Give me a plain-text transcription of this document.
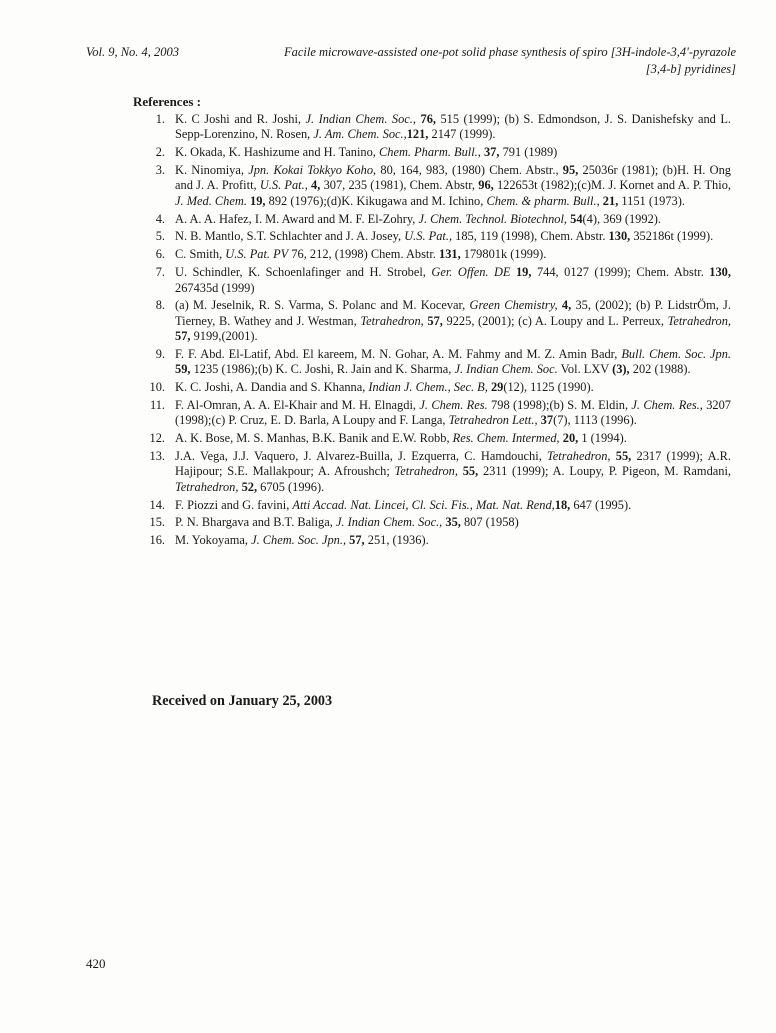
Vol. 9, No. 4, 2003	Facile microwave-assisted one-pot solid phase synthesis of spiro [3H-indole-3,4'-pyrazole
[3,4-b] pyridines]
References :
1. K. C Joshi and R. Joshi, J. Indian Chem. Soc., 76, 515 (1999); (b) S. Edmondson, J. S. Danishefsky and L. Sepp-Lorenzino, N. Rosen, J. Am. Chem. Soc.,121, 2147 (1999).
2. K. Okada, K. Hashizume and H. Tanino, Chem. Pharm. Bull., 37, 791 (1989)
3. K. Ninomiya, Jpn. Kokai Tokkyo Koho, 80, 164, 983, (1980) Chem. Abstr., 95, 25036r (1981); (b)H. H. Ong and J. A. Profitt, U.S. Pat., 4, 307, 235 (1981), Chem. Abstr, 96, 122653t (1982);(c)M. J. Kornet and A. P. Thio, J. Med. Chem. 19, 892 (1976);(d)K. Kikugawa and M. Ichino, Chem. & pharm. Bull., 21, 1151 (1973).
4. A. A. A. Hafez, I. M. Award and M. F. El-Zohry, J. Chem. Technol. Biotechnol, 54(4), 369 (1992).
5. N. B. Mantlo, S.T. Schlachter and J. A. Josey, U.S. Pat., 185, 119 (1998), Chem. Abstr. 130, 352186t (1999).
6. C. Smith, U.S. Pat. PV 76, 212, (1998) Chem. Abstr. 131, 179801k (1999).
7. U. Schindler, K. Schoenlafinger and H. Strobel, Ger. Offen. DE 19, 744, 0127 (1999); Chem. Abstr. 130, 267435d (1999)
8. (a) M. Jeselnik, R. S. Varma, S. Polanc and M. Kocevar, Green Chemistry, 4, 35, (2002); (b) P. LidstrÖm, J. Tierney, B. Wathey and J. Westman, Tetrahedron, 57, 9225, (2001); (c) A. Loupy and L. Perreux, Tetrahedron, 57, 9199,(2001).
9. F. F. Abd. El-Latif, Abd. El kareem, M. N. Gohar, A. M. Fahmy and M. Z. Amin Badr, Bull. Chem. Soc. Jpn. 59, 1235 (1986);(b) K. C. Joshi, R. Jain and K. Sharma, J. Indian Chem. Soc. Vol. LXV (3), 202 (1988).
10. K. C. Joshi, A. Dandia and S. Khanna, Indian J. Chem., Sec. B, 29(12), 1125 (1990).
11. F. Al-Omran, A. A. El-Khair and M. H. Elnagdi, J. Chem. Res. 798 (1998);(b) S. M. Eldin, J. Chem. Res., 3207 (1998);(c) P. Cruz, E. D. Barla, A Loupy and F. Langa, Tetrahedron Lett., 37(7), 1113 (1996).
12. A. K. Bose, M. S. Manhas, B.K. Banik and E.W. Robb, Res. Chem. Intermed, 20, 1 (1994).
13. J.A. Vega, J.J. Vaquero, J. Alvarez-Builla, J. Ezquerra, C. Hamdouchi, Tetrahedron, 55, 2317 (1999); A.R. Hajipour; S.E. Mallakpour; A. Afroushch; Tetrahedron, 55, 2311 (1999); A. Loupy, P. Pigeon, M. Ramdani, Tetrahedron, 52, 6705 (1996).
14. F. Piozzi and G. favini, Atti Accad. Nat. Lincei, Cl. Sci. Fis., Mat. Nat. Rend,18, 647 (1995).
15. P. N. Bhargava and B.T. Baliga, J. Indian Chem. Soc., 35, 807 (1958)
16. M. Yokoyama, J. Chem. Soc. Jpn., 57, 251, (1936).
Received on January 25, 2003
420
